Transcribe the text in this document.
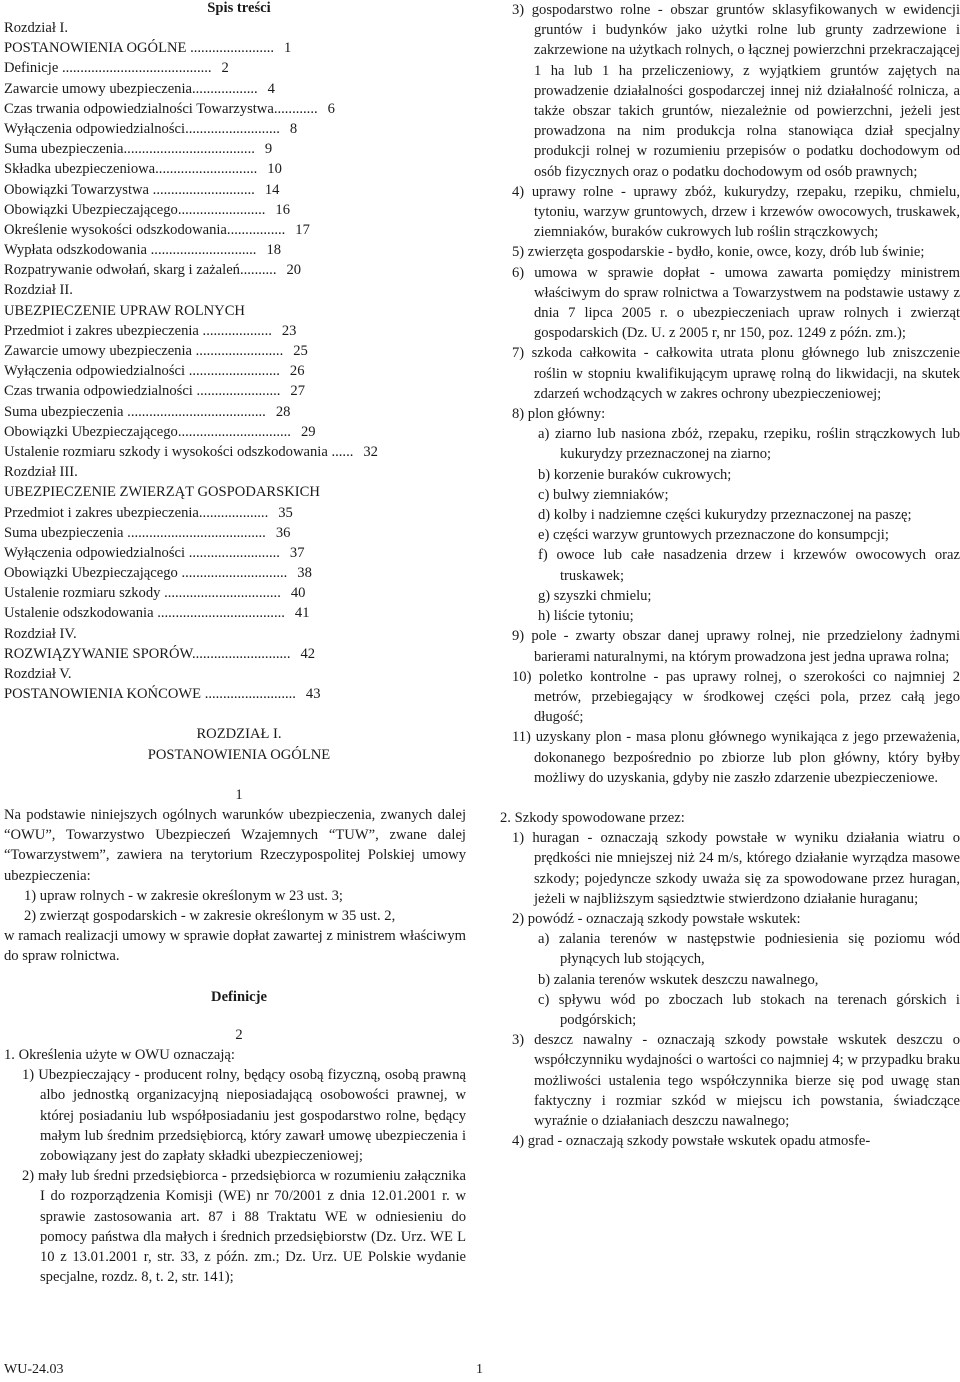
Spis treści
Rozdział I.
POSTANOWIENIA OGÓLNE ....................... 1
Definicje ......................................... 2
Zawarcie umowy ubezpieczenia.................. 4
Czas trwania odpowiedzialności Towarzystwa............ 6
Wyłączenia odpowiedzialności.......................... 8
Suma ubezpieczenia.................................... 9
Składka ubezpieczeniowa............................ 10
Obowiązki Towarzystwa ............................ 14
Obowiązki Ubezpieczającego........................ 16
Określenie wysokości odszkodowania................ 17
Wypłata odszkodowania ............................. 18
Rozpatrywanie odwołań, skarg i zażaleń.......... 20
Rozdział II.
UBEZPIECZENIE UPRAW ROLNYCH
Przedmiot i zakres ubezpieczenia ................... 23
Zawarcie umowy ubezpieczenia ........................ 25
Wyłączenia odpowiedzialności ......................... 26
Czas trwania odpowiedzialności ....................... 27
Suma ubezpieczenia ...................................... 28
Obowiązki Ubezpieczającego............................... 29
Ustalenie rozmiaru szkody i wysokości odszkodowania ...... 32
Rozdział III.
UBEZPIECZENIE ZWIERZĄT GOSPODARSKICH
Przedmiot i zakres ubezpieczenia................... 35
Suma ubezpieczenia ...................................... 36
Wyłączenia odpowiedzialności ......................... 37
Obowiązki Ubezpieczającego ............................. 38
Ustalenie rozmiaru szkody ................................ 40
Ustalenie odszkodowania ................................... 41
Rozdział IV.
ROZWIĄZYWANIE SPORÓW........................... 42
Rozdział V.
POSTANOWIENIA KOŃCOWE ......................... 43
ROZDZIAŁ I.
POSTANOWIENIA OGÓLNE
1
Na podstawie niniejszych ogólnych warunków ubezpieczenia, zwanych dalej “OWU”, Towarzystwo Ubezpieczeń Wzajemnych “TUW”, zwane dalej “Towarzystwem”, zawiera na terytorium Rzeczypospolitej Polskiej umowy ubezpieczenia:
1) upraw rolnych - w zakresie określonym w 23 ust. 3;
2) zwierząt gospodarskich - w zakresie określonym w 35 ust. 2,
w ramach realizacji umowy w sprawie dopłat zawartej z ministrem właściwym do spraw rolnictwa.
Definicje
2
1. Określenia użyte w OWU oznaczają:
1) Ubezpieczający - producent rolny, będący osobą fizyczną, osobą prawną albo jednostką organizacyjną nieposiadającą osobowości prawnej, w której posiadaniu lub współposiadaniu jest gospodarstwo rolne, będący małym lub średnim przedsiębiorcą, który zawarł umowę ubezpieczenia i zobowiązany jest do zapłaty składki ubezpieczeniowej;
2) mały lub średni przedsiębiorca - przedsiębiorca w rozumieniu załącznika I do rozporządzenia Komisji (WE) nr 70/2001 z dnia 12.01.2001 r. w sprawie zastosowania art. 87 i 88 Traktatu WE w odniesieniu do pomocy państwa dla małych i średnich przedsiębiorstw (Dz. Urz. WE L 10 z 13.01.2001 r, str. 33, z późn. zm.; Dz. Urz. UE Polskie wydanie specjalne, rozdz. 8, t. 2, str. 141);
3) gospodarstwo rolne - obszar gruntów sklasyfikowanych w ewidencji gruntów i budynków jako użytki rolne lub grunty zadrzewione i zakrzewione na użytkach rolnych, o łącznej powierzchni przekraczającej 1 ha lub 1 ha przeliczeniowy, z wyjątkiem gruntów zajętych na prowadzenie działalności gospodarczej innej niż działalność rolnicza, a także obszar takich gruntów, niezależnie od powierzchni, jeżeli jest prowadzona na nim produkcja rolna stanowiąca dział specjalny produkcji rolnej w rozumieniu przepisów o podatku dochodowym od osób fizycznych oraz o podatku dochodowym od osób prawnych;
4) uprawy rolne - uprawy zbóż, kukurydzy, rzepaku, rzepiku, chmielu, tytoniu, warzyw gruntowych, drzew i krzewów owocowych, truskawek, ziemniaków, buraków cukrowych lub roślin strączkowych;
5) zwierzęta gospodarskie - bydło, konie, owce, kozy, drób lub świnie;
6) umowa w sprawie dopłat - umowa zawarta pomiędzy ministrem właściwym do spraw rolnictwa a Towarzystwem na podstawie ustawy z dnia 7 lipca 2005 r. o ubezpieczeniach upraw rolnych i zwierząt gospodarskich (Dz. U. z 2005 r, nr 150, poz. 1249 z późn. zm.);
7) szkoda całkowita - całkowita utrata plonu głównego lub zniszczenie roślin w stopniu kwalifikującym uprawę rolną do likwidacji, na skutek zdarzeń wchodzących w zakres ochrony ubezpieczeniowej;
8) plon główny:
a) ziarno lub nasiona zbóż, rzepaku, rzepiku, roślin strączkowych lub kukurydzy przeznaczonej na ziarno;
b) korzenie buraków cukrowych;
c) bulwy ziemniaków;
d) kolby i nadziemne części kukurydzy przeznaczonej na paszę;
e) części warzyw gruntowych przeznaczone do konsumpcji;
f) owoce lub całe nasadzenia drzew i krzewów owocowych oraz truskawek;
g) szyszki chmielu;
h) liście tytoniu;
9) pole - zwarty obszar danej uprawy rolnej, nie przedzielony żadnymi barierami naturalnymi, na którym prowadzona jest jedna uprawa rolna;
10) poletko kontrolne - pas uprawy rolnej, o szerokości co najmniej 2 metrów, przebiegający w środkowej części pola, przez całą jego długość;
11) uzyskany plon - masa plonu głównego wynikająca z jego przeważenia, dokonanego bezpośrednio po zbiorze lub plon główny, który byłby możliwy do uzyskania, gdyby nie zaszło zdarzenie ubezpieczeniowe.
2. Szkody spowodowane przez:
1) huragan - oznaczają szkody powstałe w wyniku działania wiatru o prędkości nie mniejszej niż 24 m/s, którego działanie wyrządza masowe szkody; pojedyncze szkody uważa się za spowodowane przez huragan, jeżeli w najbliższym sąsiedztwie stwierdzono działanie huraganu;
2) powódź - oznaczają szkody powstałe wskutek:
a) zalania terenów w następstwie podniesienia się poziomu wód płynących lub stojących,
b) zalania terenów wskutek deszczu nawalnego,
c) spływu wód po zboczach lub stokach na terenach górskich i podgórskich;
3) deszcz nawalny - oznaczają szkody powstałe wskutek deszczu o współczynniku wydajności o wartości co najmniej 4; w przypadku braku możliwości ustalenia tego współczynnika bierze się pod uwagę stan faktyczny i rozmiar szkód w miejscu ich powstania, świadczące wyraźnie o działaniach deszczu nawalnego;
4) grad - oznaczają szkody powstałe wskutek opadu atmosfe-
WU-24.03	1
